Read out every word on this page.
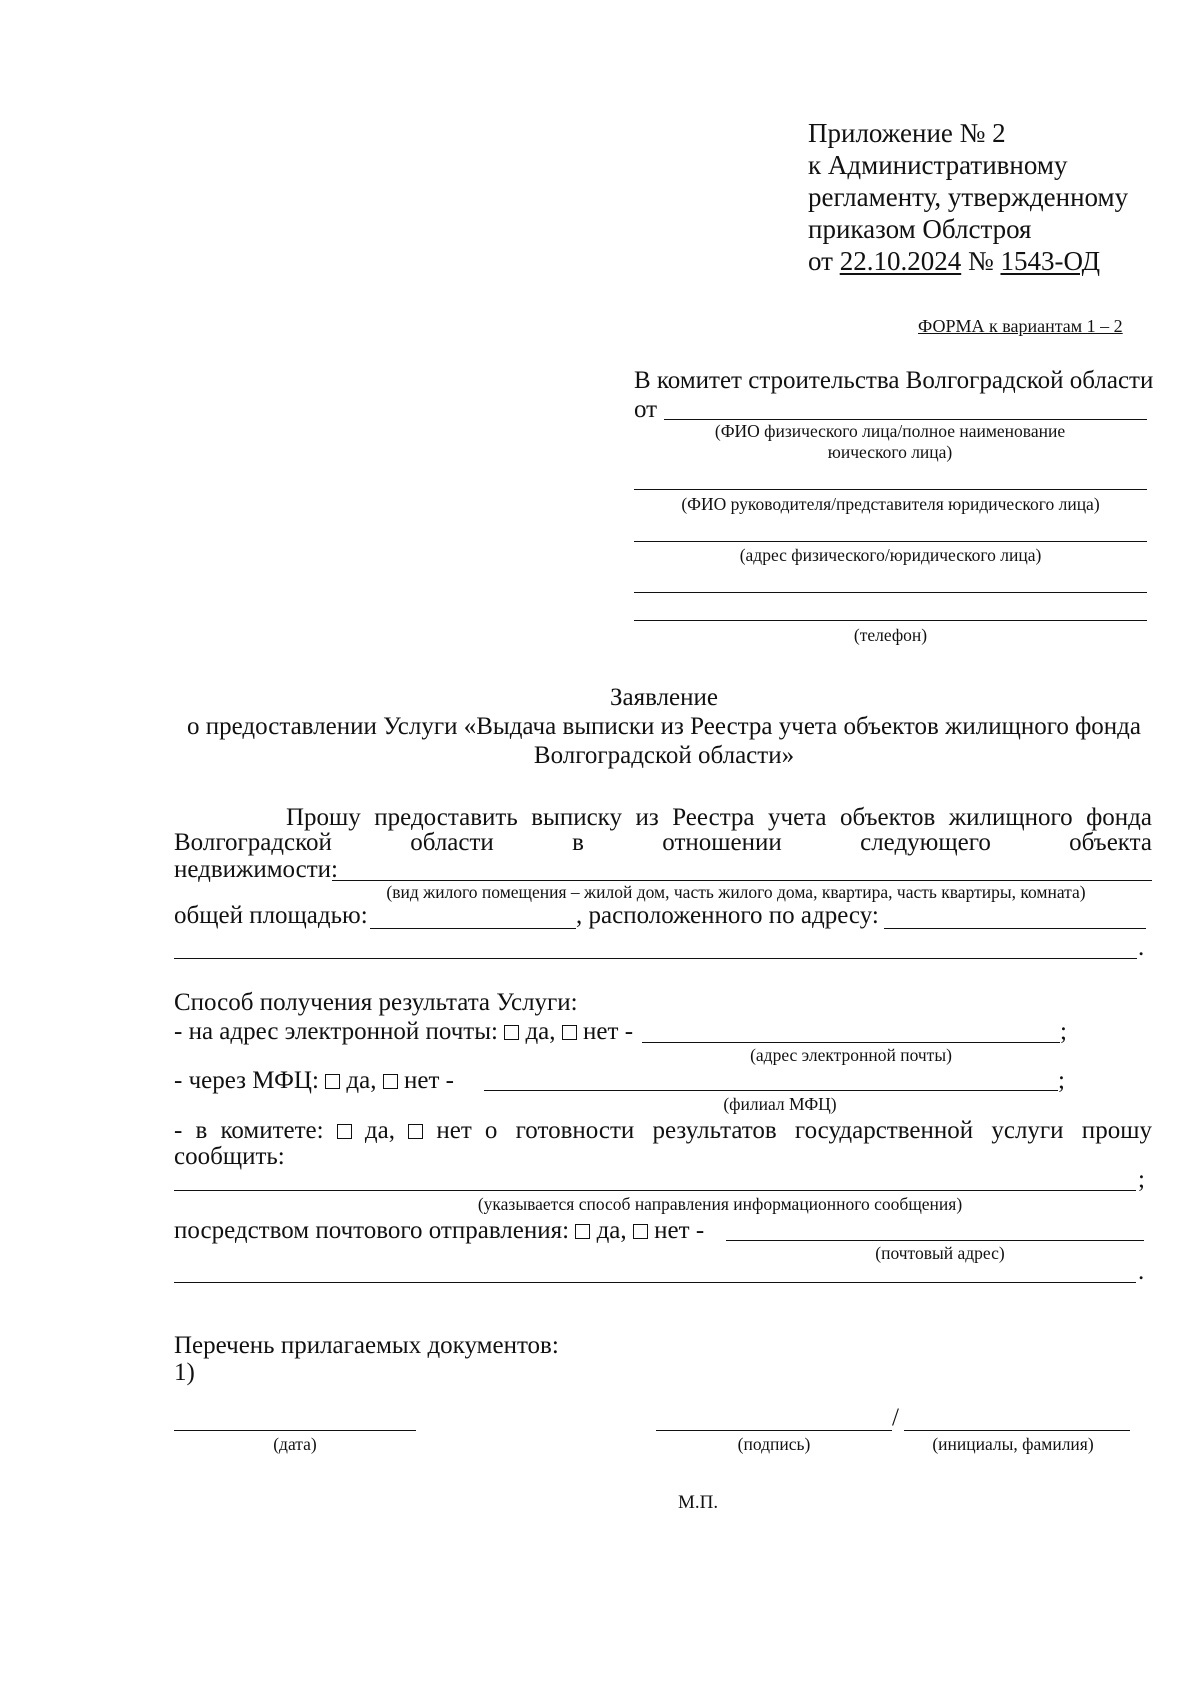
Приложение № 2
к Административному
регламенту, утвержденному
приказом Облстроя
от 22.10.2024 № 1543-ОД
ФОРМА к вариантам 1 – 2
В комитет строительства Волгоградской области
от
(ФИО физического лица/полное наименование
юического лица)
(ФИО руководителя/представителя юридического лица)
(адрес физического/юридического лица)
(телефон)
Заявление
о предоставлении Услуги «Выдача выписки из Реестра учета объектов жилищного фонда
Волгоградской области»
Прошу предоставить выписку из Реестра учета объектов жилищного фонда
Волгоградской	области	в	отношении	следующего	объекта
недвижимости:
(вид жилого помещения – жилой дом, часть жилого дома, квартира, часть квартиры, комната)
общей площадью:	, расположенного по адресу:
.
Способ получения результата Услуги:
- на адрес электронной почты: да, нет -	;
(адрес электронной почты)
- через МФЦ: да, нет -	;
(филиал МФЦ)
- в комитете: да, нет о готовности результатов государственной услуги прошу
сообщить:
;
(указывается способ направления информационного сообщения)
посредством почтового отправления: да, нет -
(почтовый адрес)
.
Перечень прилагаемых документов:
1)
(дата)
/
(подпись)	(инициалы, фамилия)
М.П.
